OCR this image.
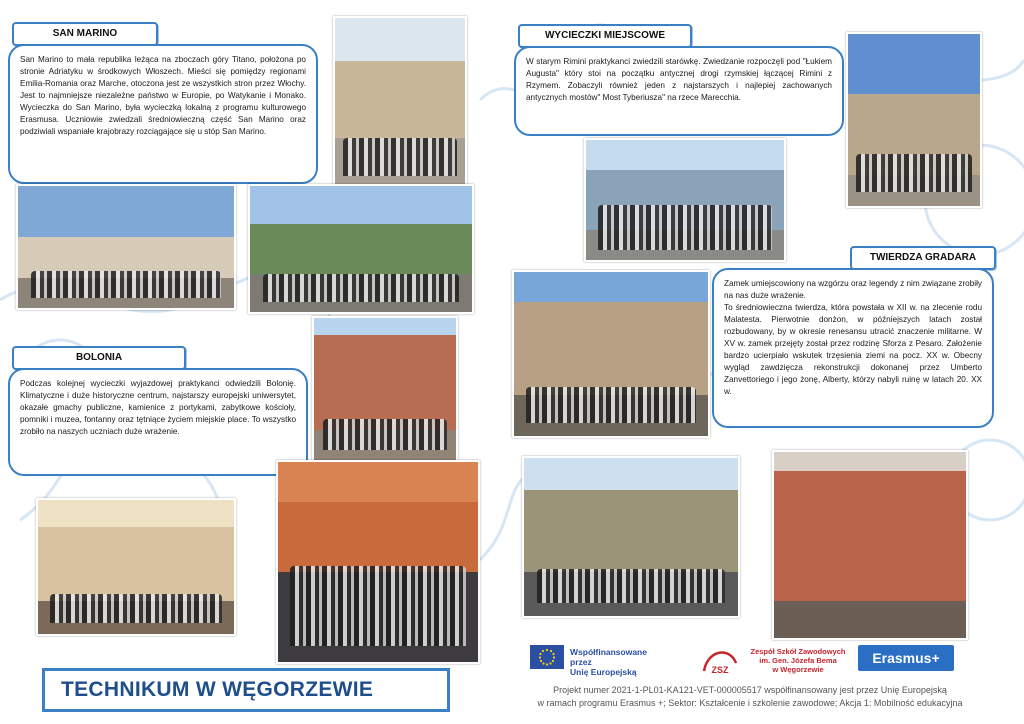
SAN MARINO

San Marino to mała republika leżąca na zboczach góry Titano, położona po stronie Adriatyku w środkowych Włoszech. Mieści się pomiędzy regionami Emilia-Romania oraz Marche, otoczona jest ze wszystkich stron przez Włochy. Jest to najmniejsze niezależne państwo w Europie, po Watykanie i Monako. Wycieczka do San Marino, była wycieczką lokalną z programu kulturowego Erasmusa. Uczniowie zwiedzali średniowieczną część San Marino oraz podziwiali wspaniałe krajobrazy rozciągające się u stóp San Marino.

BOLONIA

Podczas kolejnej wycieczki wyjazdowej praktykanci odwiedzili Bolonię. Klimatyczne i duże historyczne centrum, najstarszy europejski uniwersytet, okazałe gmachy publiczne, kamienice z portykami, zabytkowe kościoły, pomniki i muzea, fontanny oraz tętniące życiem miejskie place. To wszystko zrobiło na naszych uczniach duże wrażenie.

WYCIECZKI MIEJSCOWE

W starym Rimini praktykanci zwiedzili starówkę. Zwiedzanie rozpoczęli pod "Łukiem Augusta" który stoi na początku antycznej drogi rzymskiej łączącej Rimini z Rzymem. Zobaczyli również jeden z najstarszych i najlepiej zachowanych antycznych mostów" Most Tyberiusza" na rzece Marecchia.

TWIERDZA GRADARA

Zamek umiejscowiony na wzgórzu oraz legendy z nim związane zrobiły na nas duże wrażenie.

To średniowieczna twierdza, która powstała w XII w. na zlecenie rodu Malatesta. Pierwotnie donżon, w późniejszych latach został rozbudowany, by w okresie renesansu utracić znaczenie militarne. W XV w. zamek przejęty został przez rodzinę Sforza z Pesaro. Założenie bardzo ucierpiało wskutek trzęsienia ziemi na pocz. XX w. Obecny wygląd zawdzięcza rekonstrukcji dokonanej przez Umberto Zanvettoriego i jego żonę, Alberty, którzy nabyli ruinę w latach 20. XX w.

TECHNIKUM W WĘGORZEWIE
Współfinansowane przez
Unię Europejską	ZSZ
Zespół Szkół Zawodowych
im. Gen. Józefa Bema
w Węgorzewie
Erasmus+
Projekt numer 2021-1-PL01-KA121-VET-000005517 współfinansowany jest przez Unię Europejską
w ramach programu Erasmus +; Sektor: Kształcenie i szkolenie zawodowe; Akcja 1: Mobilność edukacyjna
